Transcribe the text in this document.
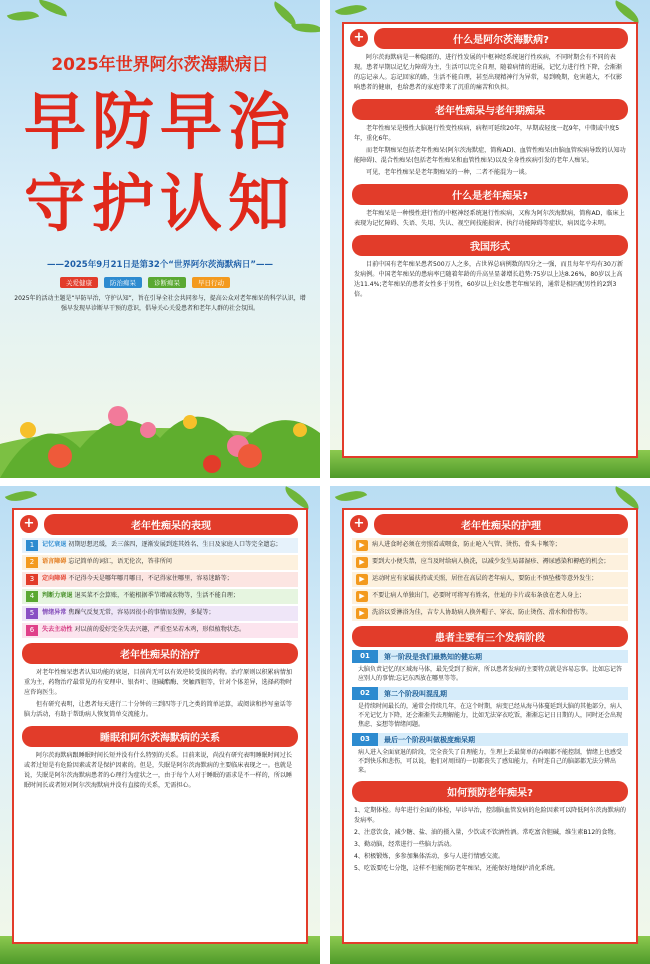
2025年世界阿尔茨海默病日
早防早治
守护认知
——2025年9月21日是第32个“世界阿尔茨海默病日”——
关爱健康	防治痴呆	诊断痴呆	早日行动
2025年的活动主题是“早防早治，守护认知”，旨在引导全社会共同参与，提高公众对老年痴呆的科学认识，增强早发现早诊断早干预的意识，倡导关心关爱患者和老年人群的社会氛围。
+	什么是阿尔茨海默病?
阿尔茨海默病是一种隐匿的、进行性发展的中枢神经系统退行性疾病，不同时期会有不同的表现。患者早期以记忆力障碍为主，生活可以完全自理，随着病情的进展，记忆力进行性下降，会渐渐的忘记亲人。忘记回家的路，生活不能自理，甚至出现精神行为异常，易到晚期，危害越大，不仅影响患者的健康，也给患者的家庭带来了沉重的痛苦和负担。
老年性痴呆与老年期痴呆
老年性痴呆是慢性大脑退行性变性疾病，病程可延续20年，早期或轻度一起9年，中期或中度5年，重化6年。
而老年期痴呆包括老年性痴呆(阿尔茨海默症，简称AD)、血管性痴呆(由脑血管疾病导致的认知功能障碍)、混合性痴呆(包括老年性痴呆和血管性痴呆)以及全身性疾病引发的老年人痴呆。
可见，老年性痴呆是老年期痴呆的一种，二者不能混为一谈。
什么是老年痴呆?
老年痴呆是一种慢性进行性的中枢神经系统退行性疾病，又称为阿尔茨海默病，简称AD，临床上表现为记忆障碍、失语、失用、失认、视空间技能损害、执行功能障碍等症状，病因迄今未明。
我国形式
目前中国有老年痴呆患者500万人之多，占世界总病例数的四分之一强，而且每年平均有30万新发病例。中国老年痴呆的患病率已随着年龄的升高呈显著增长趋势:75岁以上达8.26%，80岁以上高达11.4%;老年痴呆的患者女性多于男性，60岁以上妇女患老年痴呆的，通常是相匹配男性的2到3倍。
+	老年性痴呆的表现
1	记忆衰退 初期思想迟缓，丢三落四，逐渐发展到连其姓名、生日及家庭人口等完全遗忘；
2	语言障碍 忘记简单的词汇，语无伦次，答非所问
3	定向障碍 不记得今天是哪年哪月哪日，不记得家住哪里，容易迷路等；
4	判断力衰退 退买菜不会算账，不能根据季节增减衣物等，生活不能自理；
5	情绪异常 焦躁气反复无常，容易因很小的事情而发脾，多疑等；
6	失去主动性 对以前的爱好完全失去兴趣，严重至呆若木鸡，形似植物状态。
老年性痴呆的治疗
对老年性痴呆患者认知功能的衰退，目前尚无可以有效逆转受损的药物。治疗原则以积累病情加重为主，药物治疗最常见的有安理申、银杏叶、胆碱酯酶、突触西胆等，针对个体差异，选择药物时应咨询医生。
但有研究表明，让患者每天进行二十分钟的三到四等于几之类的简单运算，或阅读和抄写童话等脑力活动，有助于帮助病人恢复简单交流能力。
睡眠和阿尔茨海默病的关系
阿尔茨海默病跟睡眠时间长短并没有什么特别的关系。目前来说，尚没有研究表明睡眠时间过长或者过短是有危险因素或者是保护因素的。但是，失眠是阿尔茨海默病的主要临床表现之一。也就是说，失眠是阿尔茨海默病患者的心理行为症状之一，由于每个人对于睡眠的需求是不一样的，所以睡眠时间长或者短对阿尔茨海默病并没有直接的关系，无需担心。
+	老年性痴呆的护理
▶	病人进食时必须在旁照看或喂食，防止呛入气管、烫伤、骨头卡喉等；
▶	要到大小便失禁，应当及时给病人换洗，以减少发生局部湿疹、褥尿感染和褥疮的机会；
▶	运动时应有家属扶持或关照，居住在高层的老年病人，要防止不慎坠楼等意外发生；
▶	不要让病人单独出门，必要时可将写有姓名，住址的卡片或布条放在老人身上；
▶	洗浴以妥淋浴为佳，吉专人协助病人换外帽子、穿衣、防止烫伤、滑水和骨伤等。
患者主要有三个发病阶段
01	第一阶段是我们最熟知的健忘期
大脑负责记忆的区域海马体，最先受到了损害，所以患者发病的主要特点就是容易忘事。比如忘记答应别人的事情;忘记东西放在哪里等等。
02	第二个阶段叫混乱期
是持续时间最长的，通常会持续几年，在这个时期，病变已经从海马体蔓延到大脑的其他部分，病人不光记忆力下降，还会渐渐失去理解能力，比如无法穿衣吃饭，渐渐忘记日日期的人，同时还会出现焦虑、妄想等情绪问题。
03	最后一个阶段叫做极度痴呆期
病人进入全面衰退的阶段，完全丧失了自理能力，生理上丢最简单的吞咽都不能控制，情绪上也感受不到快乐和悲伤，可以说，他们对周围的一切都丧失了感知能力，有时连自己的脑部都无法分辨出来。
如何预防老年痴呆?
1、定期体检。每年进行全面的体检，早诊早治，控制脑血管发病的危险因素可以降低阿尔茨海默病的发病率。
2、注意饮食，减少糖、盐、油的摄入量，少饮或不饮酒性酒。常吃富含胆碱，维生素B12的食物。
3、勤动脑，经常进行一些脑力活动。
4、积极锻炼，多参加集体活动，多与人进行情感交流。
5、吃饭要吃七分饱，这样不但能预防老年痴呆，还能保好地保护消化系统。
